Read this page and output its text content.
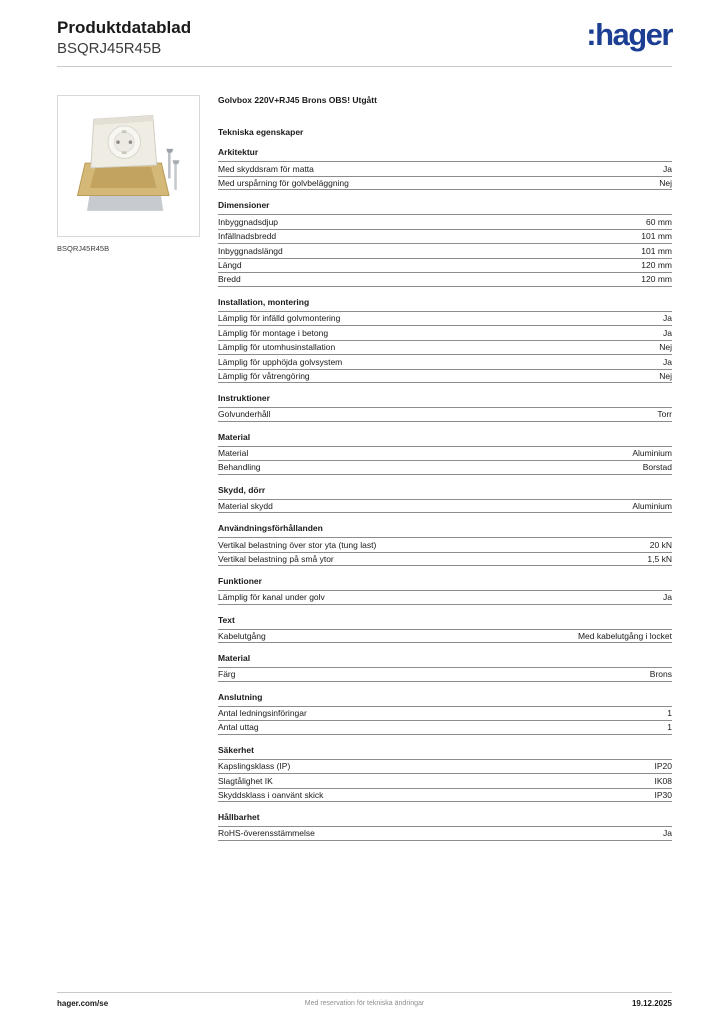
Produktdatablad
BSQRJ45R45B	:hager
BSQRJ45R45B
Golvbox 220V+RJ45 Brons OBS! Utgått
Tekniska egenskaper
Arkitektur
Med skyddsram för matta	Ja
Med urspårning för golvbeläggning	Nej
Dimensioner
Inbyggnadsdjup	60 mm
Infällnadsbredd	101 mm
Inbyggnadslängd	101 mm
Längd	120 mm
Bredd	120 mm
Installation, montering
Lämplig för infälld golvmontering	Ja
Lämplig för montage i betong	Ja
Lämplig för utomhusinstallation	Nej
Lämplig för upphöjda golvsystem	Ja
Lämplig för våtrengöring	Nej
Instruktioner
Golvunderhåll	Torr
Material
Material	Aluminium
Behandling	Borstad
Skydd, dörr
Material skydd	Aluminium
Användningsförhållanden
Vertikal belastning över stor yta (tung last)	20 kN
Vertikal belastning på små ytor	1,5 kN
Funktioner
Lämplig för kanal under golv	Ja
Text
Kabelutgång	Med kabelutgång i locket
Material
Färg	Brons
Anslutning
Antal ledningsinföringar	1
Antal uttag	1
Säkerhet
Kapslingsklass (IP)	IP20
Slagtålighet IK	IK08
Skyddsklass i oanvänt skick	IP30
Hållbarhet
RoHS-överensstämmelse	Ja
hager.com/se	Med reservation för tekniska ändringar	19.12.2025
